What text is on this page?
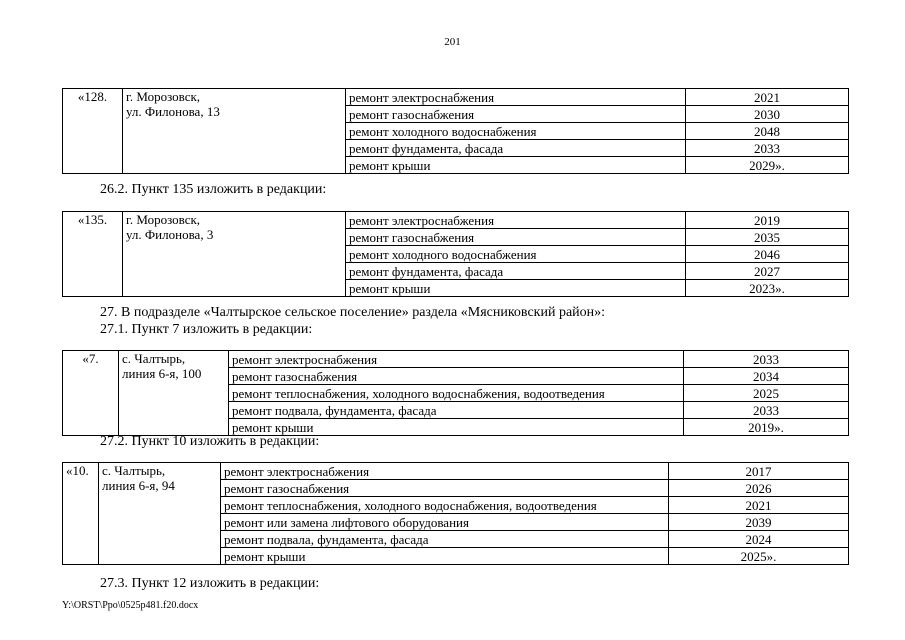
201
«128.	г. Морозовск,
ул. Филонова, 13	ремонт электроснабжения	2021
		ремонт газоснабжения	2030
		ремонт холодного водоснабжения	2048
		ремонт фундамента, фасада	2033
		ремонт крыши	2029».
26.2. Пункт 135 изложить в редакции:
«135.	г. Морозовск,
ул. Филонова, 3	ремонт электроснабжения	2019
		ремонт газоснабжения	2035
		ремонт холодного водоснабжения	2046
		ремонт фундамента, фасада	2027
		ремонт крыши	2023».
27. В подразделе «Чалтырское сельское поселение» раздела «Мясниковский район»:
27.1. Пункт 7 изложить в редакции:
«7.	с. Чалтырь,
линия 6-я, 100	ремонт электроснабжения	2033
		ремонт газоснабжения	2034
		ремонт теплоснабжения, холодного водоснабжения, водоотведения	2025
		ремонт подвала, фундамента, фасада	2033
		ремонт крыши	2019».
27.2. Пункт 10 изложить в редакции:
«10.	с. Чалтырь,
линия 6-я, 94	ремонт электроснабжения	2017
		ремонт газоснабжения	2026
		ремонт теплоснабжения, холодного водоснабжения, водоотведения	2021
		ремонт или замена лифтового оборудования	2039
		ремонт подвала, фундамента, фасада	2024
		ремонт крыши	2025».
27.3. Пункт 12 изложить в редакции:
Y:\ORST\Ppo\0525p481.f20.docx
